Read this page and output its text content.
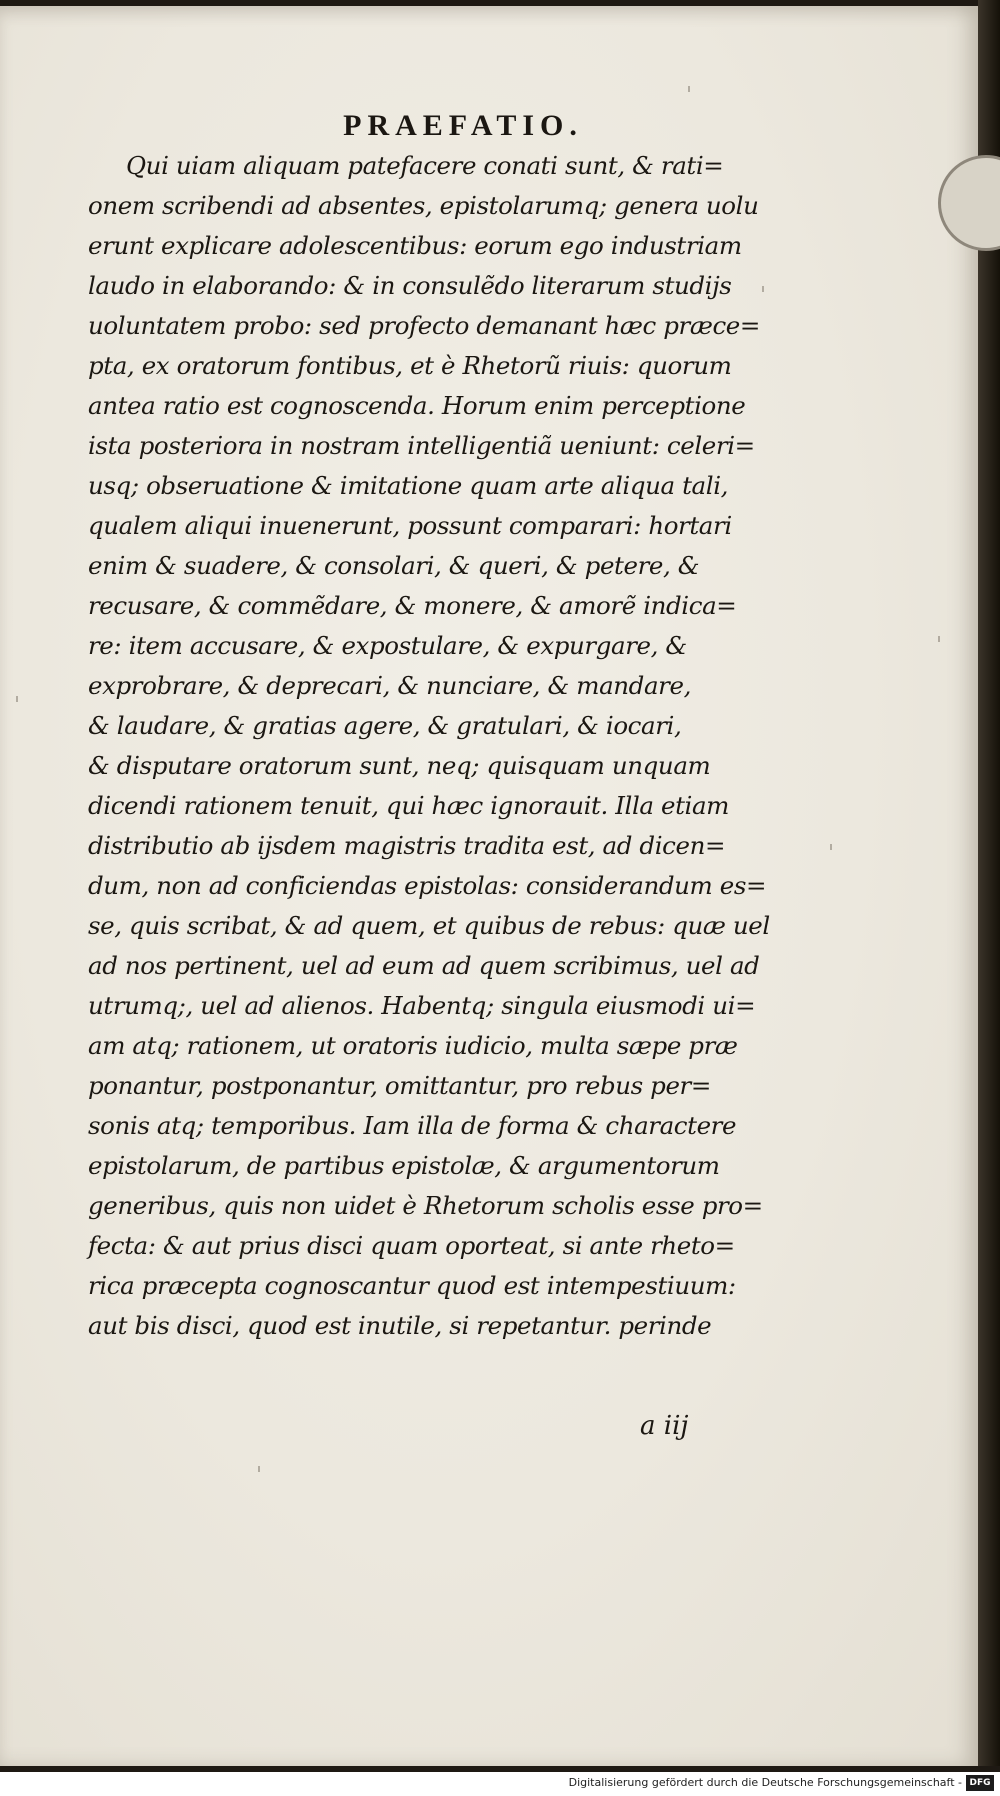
PRAEFATIO.
Qui uiam aliquam patefacere conati sunt, & rati=
onem scribendi ad absentes, epistolarumq; genera uolu
erunt explicare adolescentibus: eorum ego industriam
laudo in elaborando: & in consulẽdo literarum studijs
uoluntatem probo: sed profecto demanant hæc præce=
pta, ex oratorum fontibus, et è Rhetorũ riuis: quorum
antea ratio est cognoscenda. Horum enim perceptione
ista posteriora in nostram intelligentiã ueniunt: celeri=
usq; obseruatione & imitatione quam arte aliqua tali,
qualem aliqui inuenerunt, possunt comparari: hortari
enim & suadere, & consolari, & queri, & petere, &
recusare, & commẽdare, & monere, & amorẽ indica=
re: item accusare, & expostulare, & expurgare, &
exprobrare, & deprecari, & nunciare, & mandare,
& laudare, & gratias agere, & gratulari, & iocari,
& disputare oratorum sunt, neq; quisquam unquam
dicendi rationem tenuit, qui hæc ignorauit. Illa etiam
distributio ab ijsdem magistris tradita est, ad dicen=
dum, non ad conficiendas epistolas: considerandum es=
se, quis scribat, & ad quem, et quibus de rebus: quæ uel
ad nos pertinent, uel ad eum ad quem scribimus, uel ad
utrumq;, uel ad alienos. Habentq; singula eiusmodi ui=
am atq; rationem, ut oratoris iudicio, multa sæpe præ
ponantur, postponantur, omittantur, pro rebus per=
sonis atq; temporibus. Iam illa de forma & charactere
epistolarum, de partibus epistolæ, & argumentorum
generibus, quis non uidet è Rhetorum scholis esse pro=
fecta: & aut prius disci quam oporteat, si ante rheto=
rica præcepta cognoscantur quod est intempestiuum:
aut bis disci, quod est inutile, si repetantur. perinde
a iij
Digitalisierung gefördert durch die Deutsche Forschungsgemeinschaft - DFG
